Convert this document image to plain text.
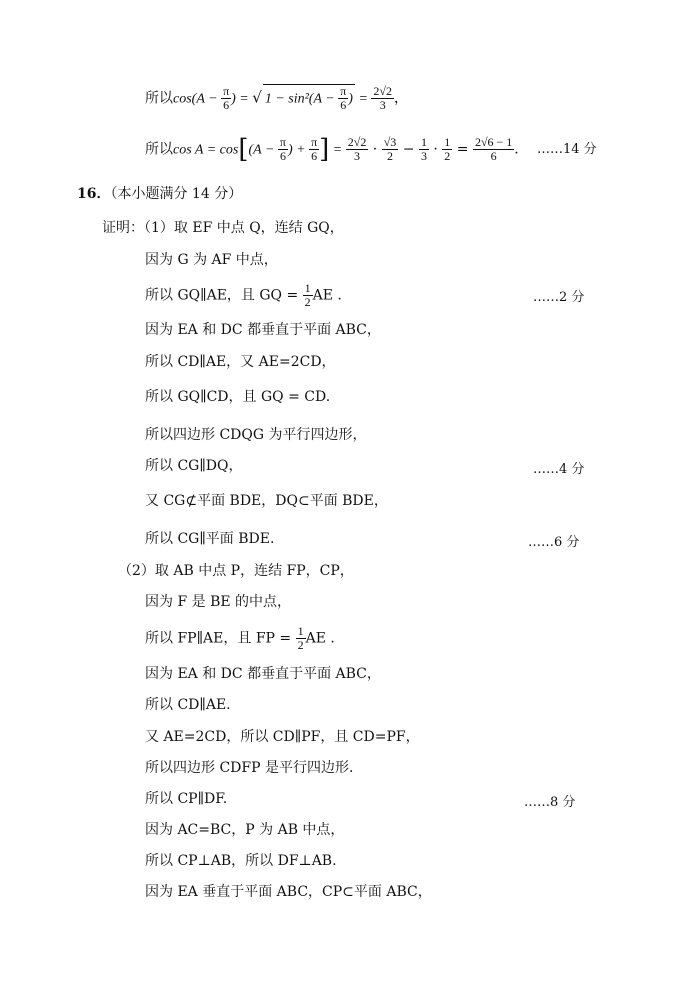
所以$\cos(A - \frac{\pi}{6}$ ) = √ $1 - \sin^2(A - \frac{\pi}{6}$ ) = $\frac{2√2}{3}$ ，
所以$\cos A = \cos[(A - \frac{\pi}{6}$ ) + $\frac{\pi}{6}$ ] = $\frac{2√2}{3} \cdot \frac{√3}{2} - \frac{1}{3} \cdot \frac{1}{2} = \frac{2√6 - 1}{6}$ . ……14 分
16．（本小题满分 14 分）
证明：（1）取 EF 中点 Q，连结 GQ，
因为 G 为 AF 中点，
所以 GQ∥AE，且 GQ = $\frac{1}{2}$ AE .	……2 分
因为 EA 和 DC 都垂直于平面 ABC，
所以 CD∥AE，又 AE=2CD，
所以 GQ∥CD，且 GQ = CD.
所以四边形 CDQG 为平行四边形，
所以 CG∥DQ，	……4 分
又 CG⊄平面 BDE，DQ⊂平面 BDE，
所以 CG∥平面 BDE.	……6 分
（2）取 AB 中点 P，连结 FP，CP，
因为 F 是 BE 的中点，
所以 FP∥AE，且 FP = $\frac{1}{2}$ AE .
因为 EA 和 DC 都垂直于平面 ABC，
所以 CD∥AE.
又 AE=2CD，所以 CD∥PF，且 CD=PF，
所以四边形 CDFP 是平行四边形.
所以 CP∥DF.	……8 分
因为 AC=BC，P 为 AB 中点，
所以 CP⊥AB，所以 DF⊥AB.
因为 EA 垂直于平面 ABC，CP⊂平面 ABC，
